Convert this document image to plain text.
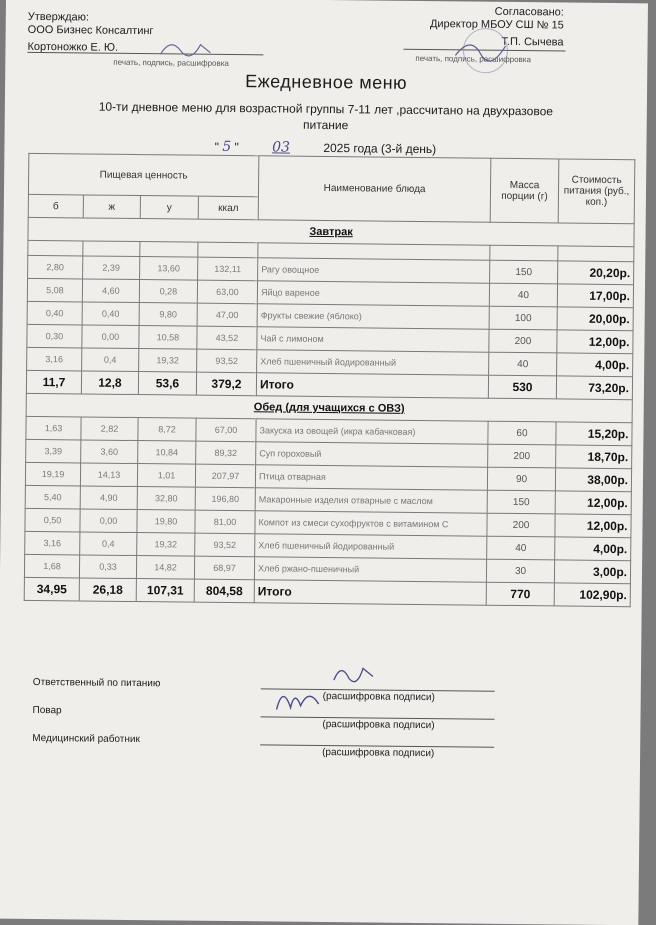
Утверждаю:
ООО Бизнес Консалтинг
Кортоножко Е. Ю.
печать, подпись, расшифровка
Согласовано:
Директор МБОУ СШ № 15
Т.П. Сычева
печать, подпись, расшифровка
Ежедневное меню
10-ти дневное меню для возрастной группы 7-11 лет ,рассчитано на двухразовое питание
" 5 " 03	2025 года (3-й день)
Пищевая ценность				Наименование блюда	Масса порции (г)	Стоимость питания (руб., коп.)
б	ж	у	ккал			
Завтрак						

2,80	2,39	13,60	132,11	Рагу овощное	150	20,20р.
5,08	4,60	0,28	63,00	Яйцо вареное	40	17,00р.
0,40	0,40	9,80	47,00	Фрукты свежие (яблоко)	100	20,00р.
0,30	0,00	10,58	43,52	Чай с лимоном	200	12,00р.
3,16	0,4	19,32	93,52	Хлеб пшеничный йодированный	40	4,00р.
11,7	12,8	53,6	379,2	Итого	530	73,20р.
Обед (для учащихся с ОВЗ)						
1,63	2,82	8,72	67,00	Закуска из овощей (икра кабачковая)	60	15,20р.
3,39	3,60	10,84	89,32	Суп гороховый	200	18,70р.
19,19	14,13	1,01	207,97	Птица отварная	90	38,00р.
5,40	4,90	32,80	196,80	Макаронные изделия отварные с маслом	150	12,00р.
0,50	0,00	19,80	81,00	Компот из смеси сухофруктов с витамином С	200	12,00р.
3,16	0,4	19,32	93,52	Хлеб пшеничный йодированный	40	4,00р.
1,68	0,33	14,82	68,97	Хлеб ржано-пшеничный	30	3,00р.
34,95	26,18	107,31	804,58	Итого	770	102,90р.
Ответственный по питанию
(расшифровка подписи)
Повар
(расшифровка подписи)
Медицинский работник
(расшифровка подписи)
